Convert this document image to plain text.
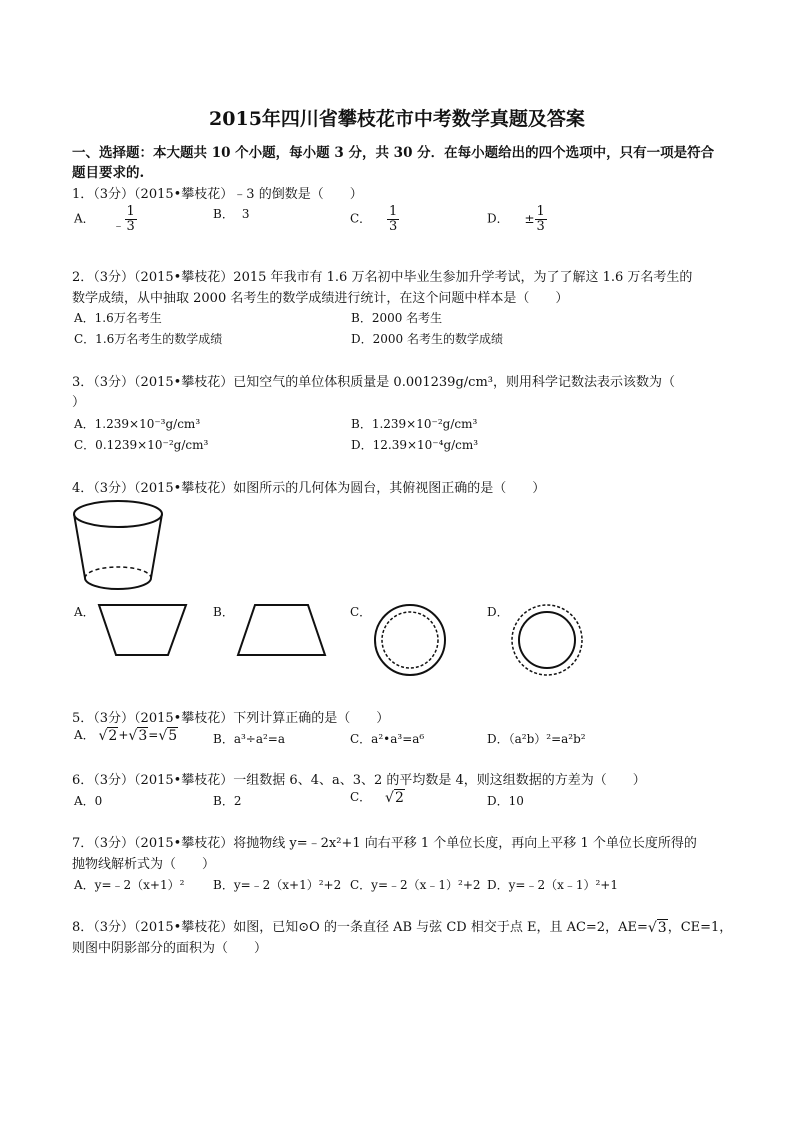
2015年四川省攀枝花市中考数学真题及答案
一、选择题：本大题共 10 个小题，每小题 3 分，共 30 分．在每小题给出的四个选项中，只有一项是符合
题目要求的.
1．（3分）（2015•攀枝花）﹣3 的倒数是（　　）
A． ﹣ $\frac{1}{3}$	B． 3	C． $\frac{1}{3}$	D． ± $\frac{1}{3}$
2．（3分）（2015•攀枝花）2015 年我市有 1.6 万名初中毕业生参加升学考试，为了了解这 1.6 万名考生的
数学成绩，从中抽取 2000 名考生的数学成绩进行统计，在这个问题中样本是（　　）
A．1.6万名考生	B．2000 名考生
C．1.6万名考生的数学成绩	D．2000 名考生的数学成绩
3．（3分）（2015•攀枝花）已知空气的单位体积质量是 0.001239g/cm³，则用科学记数法表示该数为（
）
A．1.239×10⁻³g/cm³	B．1.239×10⁻²g/cm³
C．0.1239×10⁻²g/cm³	D．12.39×10⁻⁴g/cm³
4．（3分）（2015•攀枝花）如图所示的几何体为圆台，其俯视图正确的是（　　）
A．	B．	C．	D．
5．（3分）（2015•攀枝花）下列计算正确的是（　　）
A． √2+√3=√5	B．a³÷a²=a	C．a²•a³=a⁶	D．（a²b）²=a²b²
6．（3分）（2015•攀枝花）一组数据 6、4、a、3、2 的平均数是 4，则这组数据的方差为（　　）
A．0	B．2	C． √2	D．10
7．（3分）（2015•攀枝花）将抛物线 y=﹣2x²+1 向右平移 1 个单位长度，再向上平移 1 个单位长度所得的
抛物线解析式为（　　）
A．y=﹣2（x+1）² B．y=﹣2（x+1）²+2 C．y=﹣2（x﹣1）²+2 D．y=﹣2（x﹣1）²+1
8．（3分）（2015•攀枝花）如图，已知⊙O 的一条直径 AB 与弦 CD 相交于点 E，且 AC=2，AE=√3，CE=1，
则图中阴影部分的面积为（　　）
